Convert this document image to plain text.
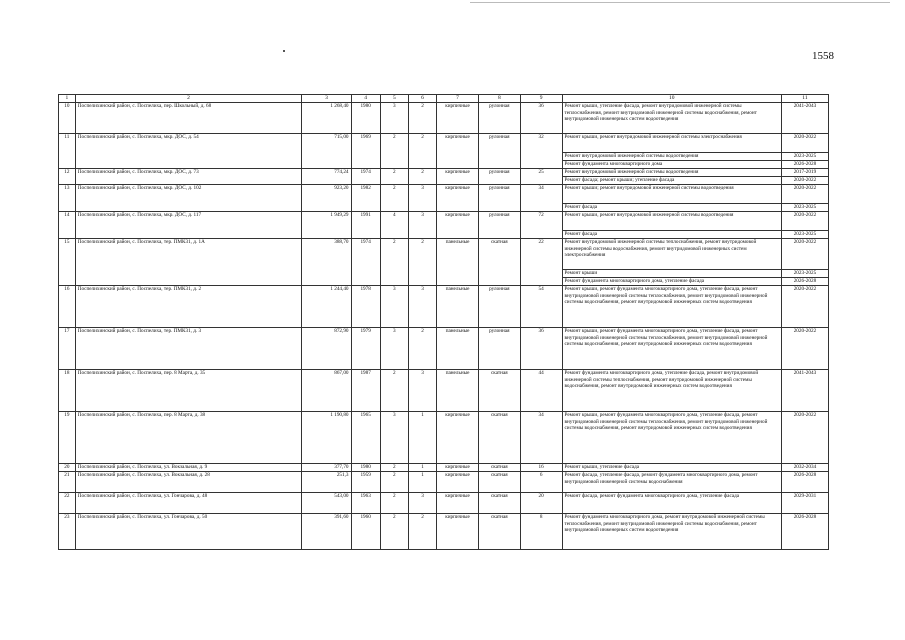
1558
1	2	3	4	5	6	7	8	9	10	11
10	Поспелихинский район, с. Поспелиха, пер. Школьный, д. 68	1 268,40	1980	3	2	кирпичные	рулонная	36	Ремонт крыши, утепление фасада, ремонт внутридомовой инженерной системы теплоснабжения, ремонт внутридомовой инженерной системы водоснабжения, ремонт внутридомовой инженерных систем водоотведения	2041-2043
11	Поспелихинский район, с. Поспелиха, мкр. ДОС, д. 54	715,00	1969	2	2	кирпичные	рулонная	32	Ремонт крыши, ремонт внутридомовой инженерной системы электроснабжения	2020-2022
									Ремонт внутридомовой инженерной системы водоотведения	2023-2025
									Ремонт фундамента многоквартирного дома	2026-2028
12	Поспелихинский район, с. Поспелиха, мкр. ДОС, д. 73	774,24	1974	2	2	кирпичные	рулонная	25	Ремонт внутридомовой инженерной системы водоотведения	2017-2019
									Ремонт фасада; ремонт крыши; утепление фасада	2020-2022
13	Поспелихинский район, с. Поспелиха, мкр. ДОС, д. 102	923,20	1982	2	3	кирпичные	рулонная	34	Ремонт крыши; ремонт внутридомовой инженерной системы водоотведения	2020-2022
									Ремонт фасада	2023-2025
14	Поспелихинский район, с. Поспелиха, мкр. ДОС, д. 117	1 949,29	1991	4	3	кирпичные	рулонная	72	Ремонт крыши, ремонт внутридомовой инженерной системы водоотведения	2020-2022
									Ремонт фасада	2023-2025
15	Поспелихинский район, с. Поспелиха, тер. ПМК31, д. 1А	388,70	1974	2	2	панельные	скатная	22	Ремонт внутридомовой инженерной системы теплоснабжения, ремонт внутридомовой инженерной системы водоснабжения, ремонт внутридомовой инженерных систем электроснабжения	2020-2022
									Ремонт крыши	2023-2025
									Ремонт фундамента многоквартирного дома, утепление фасада	2026-2028
16	Поспелихинский район, с. Поспелиха, тер. ПМК31, д. 2	1 244,40	1978	3	3	панельные	рулонная	54	Ремонт крыши, ремонт фундамента многоквартирного дома, утепление фасада, ремонт внутридомовой инженерной системы теплоснабжения, ремонт внутридомовой инженерной системы водоснабжения, ремонт внутридомовой инженерных систем водоотведения	2020-2022
17	Поспелихинский район, с. Поспелиха, тер. ПМК31, д. 3	872,90	1979	3	2	панельные	рулонная	36	Ремонт крыши, ремонт фундамента многоквартирного дома, утепление фасада, ремонт внутридомовой инженерной системы теплоснабжения, ремонт внутридомовой инженерной системы водоснабжения, ремонт внутридомовой инженерных систем водоотведения	2020-2022
18	Поспелихинский район, с. Поспелиха, пер. 8 Марта, д. 35	867,00	1987	2	3	панельные	скатная	44	Ремонт фундамента многоквартирного дома, утепление фасада, ремонт внутридомовой инженерной системы теплоснабжения, ремонт внутридомовой инженерной системы водоснабжения, ремонт внутридомовой инженерных систем водоотведения	2041-2043
19	Поспелихинский район, с. Поспелиха, пер. 8 Марта, д. 38	1 190,80	1965	3	1	кирпичные	скатная	34	Ремонт крыши, ремонт фундамента многоквартирного дома, утепление фасада, ремонт внутридомовой инженерной системы теплоснабжения, ремонт внутридомовой инженерной системы водоснабжения, ремонт внутридомовой инженерных систем водоотведения	2020-2022
20	Поспелихинский район, с. Поспелиха, ул. Вокзальная, д. 9	377,70	1980	2	1	кирпичные	скатная	16	Ремонт крыши, утепление фасада	2032-2034
21	Поспелихинский район, с. Поспелиха, ул. Вокзальная, д. 28	251,3	1959	2	1	кирпичные	скатная	6	Ремонт фасада, утепление фасада, ремонт фундамента многоквартирного дома, ремонт внутридомовой инженерной системы водоснабжения	2026-2028
22	Поспелихинский район, с. Поспелиха, ул. Гончарова, д. 48	543,00	1963	2	3	кирпичные	скатная	20	Ремонт фасада, ремонт фундамента многоквартирного дома, утепление фасада	2029-2031
23	Поспелихинский район, с. Поспелиха, ул. Гончарова, д. 50	391,60	1960	2	2	кирпичные	скатная	8	Ремонт фундамента многоквартирного дома, ремонт внутридомовой инженерной системы теплоснабжения, ремонт внутридомовой инженерной системы водоснабжения, ремонт внутридомовой инженерных систем водоотведения	2026-2028
